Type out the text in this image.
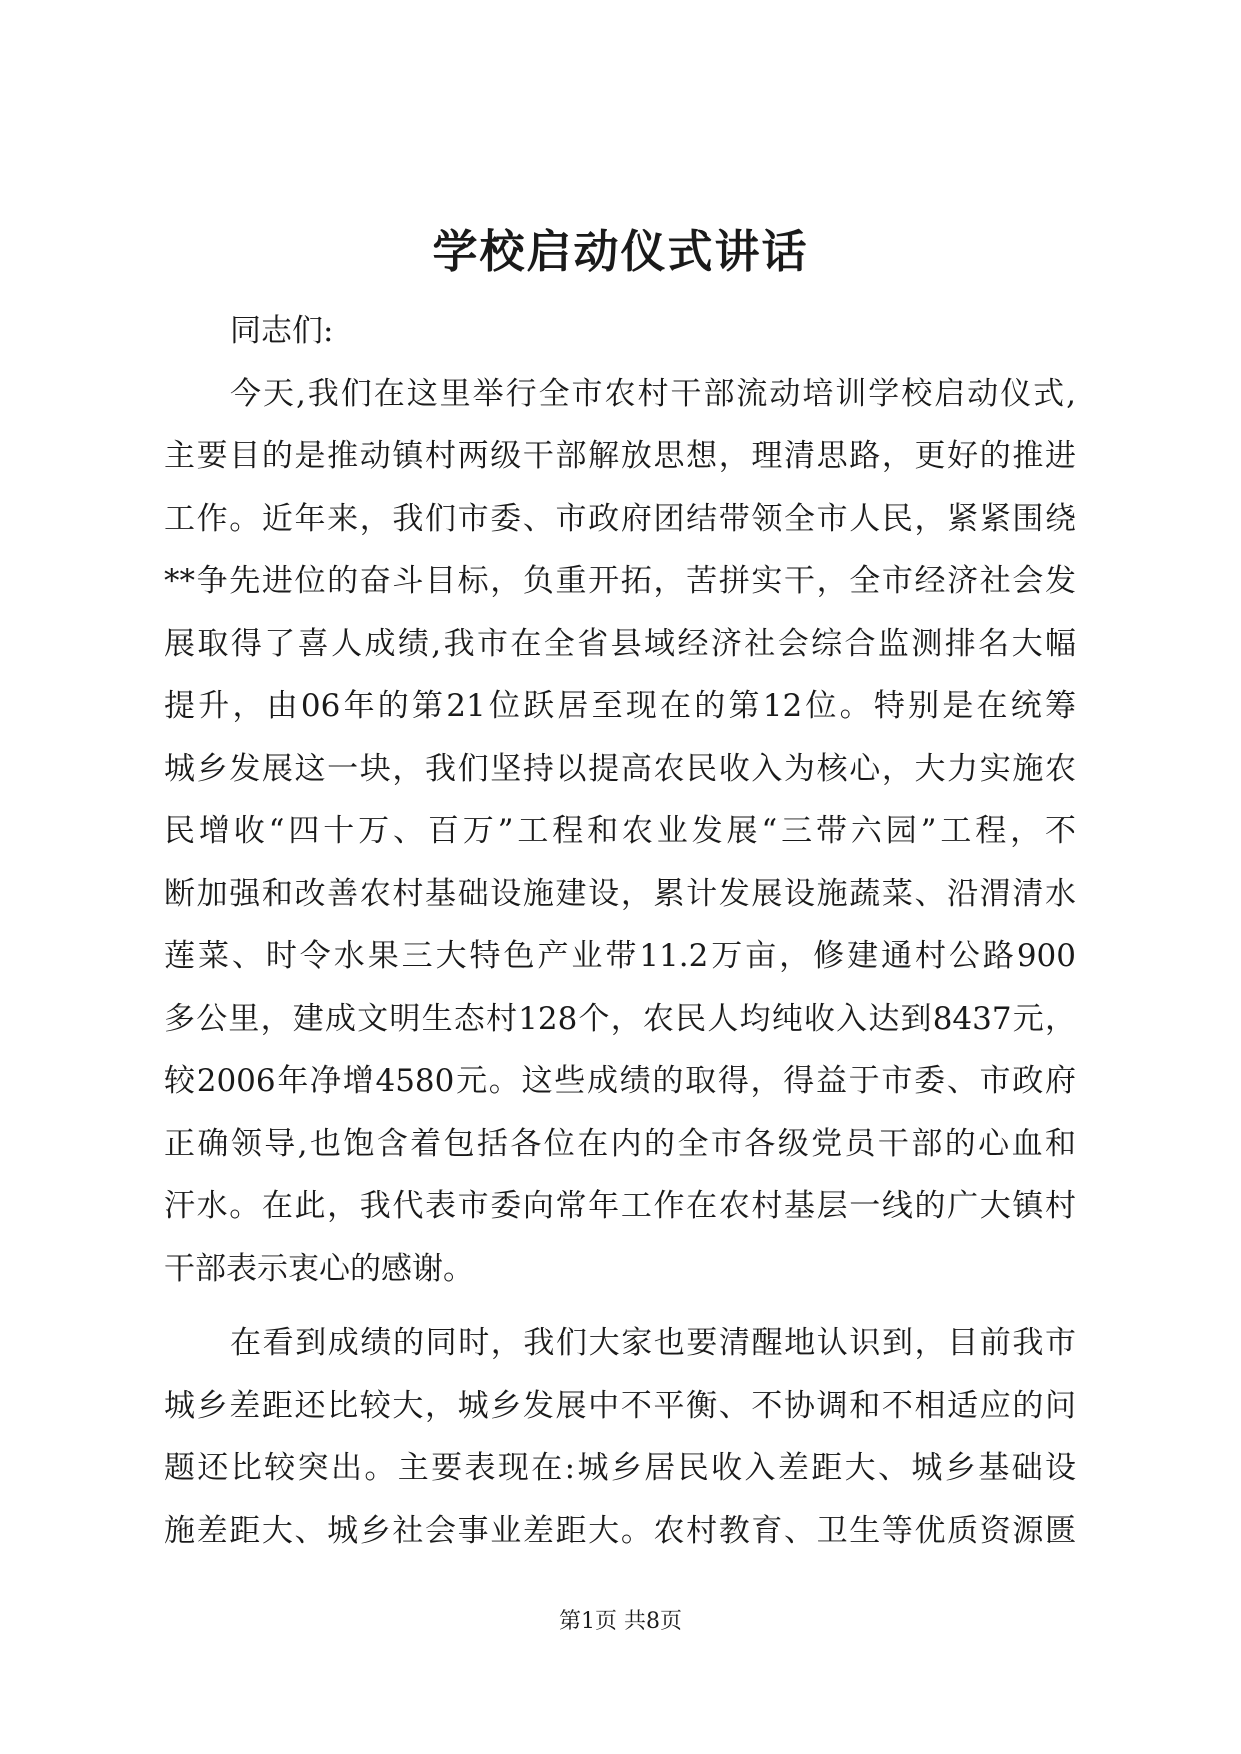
学校启动仪式讲话
同志们:
今天,我们在这里举行全市农村干部流动培训学校启动仪式,
主要目的是推动镇村两级干部解放思想，理清思路，更好的推进
工作。近年来，我们市委、市政府团结带领全市人民，紧紧围绕
**争先进位的奋斗目标，负重开拓，苦拼实干，全市经济社会发
展取得了喜人成绩,我市在全省县域经济社会综合监测排名大幅
提升，由06年的第21位跃居至现在的第12位。特别是在统筹
城乡发展这一块，我们坚持以提高农民收入为核心，大力实施农
民增收“四十万、百万”工程和农业发展“三带六园”工程，不
断加强和改善农村基础设施建设，累计发展设施蔬菜、沿渭清水
莲菜、时令水果三大特色产业带11.2万亩，修建通村公路900
多公里，建成文明生态村128个，农民人均纯收入达到8437元，
较2006年净增4580元。这些成绩的取得，得益于市委、市政府
正确领导,也饱含着包括各位在内的全市各级党员干部的心血和
汗水。在此，我代表市委向常年工作在农村基层一线的广大镇村
干部表示衷心的感谢。
在看到成绩的同时，我们大家也要清醒地认识到，目前我市
城乡差距还比较大，城乡发展中不平衡、不协调和不相适应的问
题还比较突出。主要表现在:城乡居民收入差距大、城乡基础设
施差距大、城乡社会事业差距大。农村教育、卫生等优质资源匮
第1页 共8页
